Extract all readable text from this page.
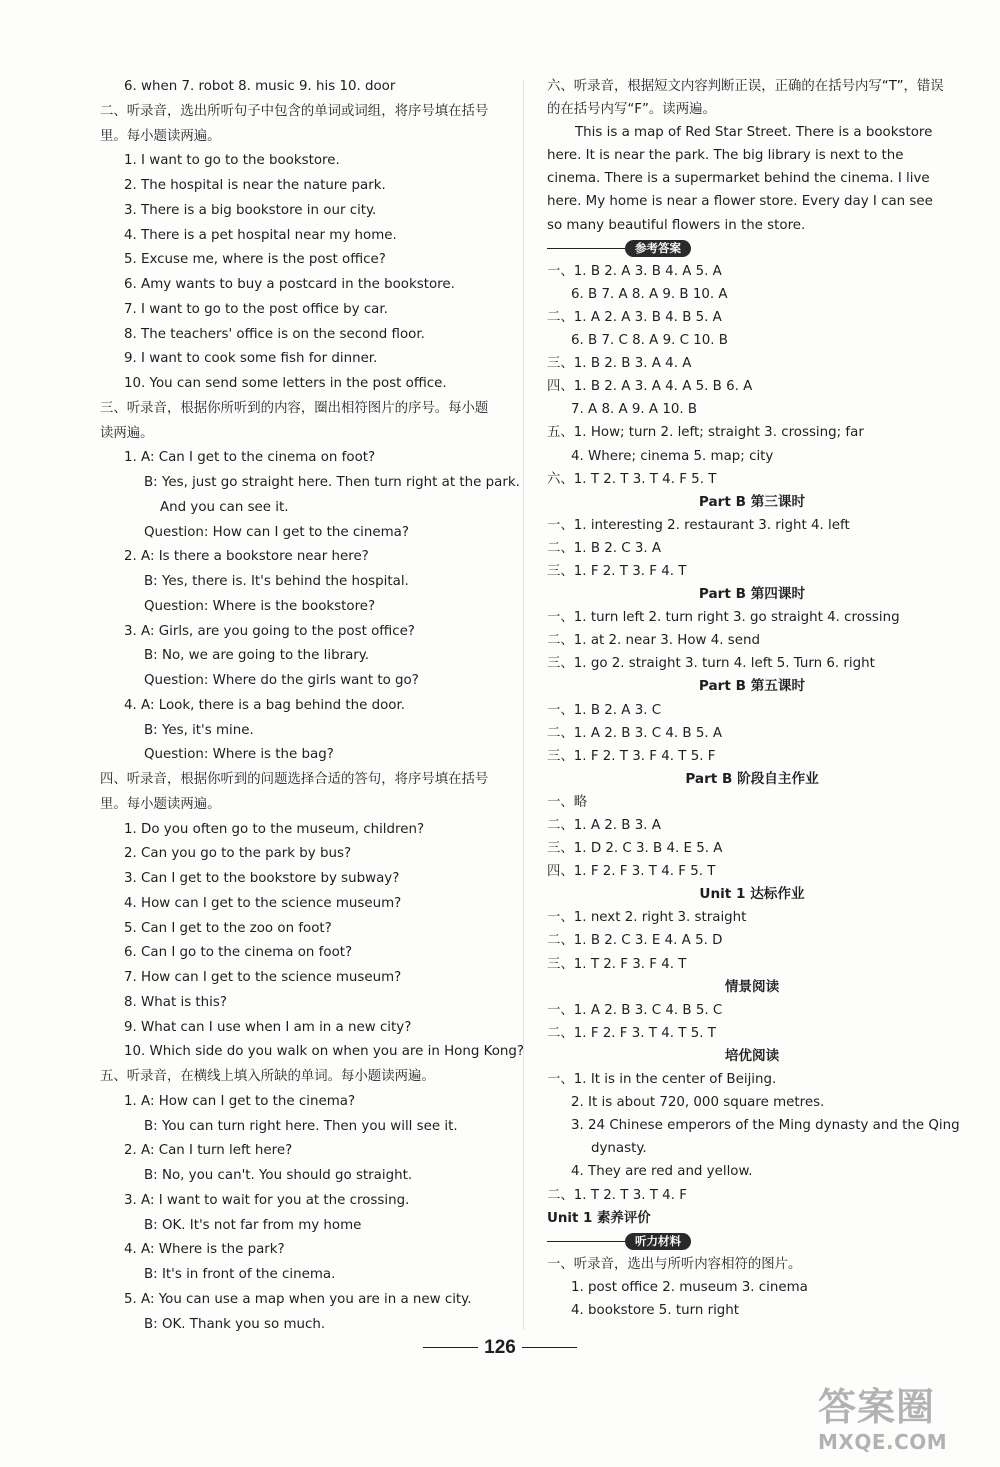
6. when 7. robot 8. music 9. his 10. door
二、听录音，选出所听句子中包含的单词或词组，将序号填在括号
里。每小题读两遍。
1. I want to go to the bookstore.
2. The hospital is near the nature park.
3. There is a big bookstore in our city.
4. There is a pet hospital near my home.
5. Excuse me, where is the post office?
6. Amy wants to buy a postcard in the bookstore.
7. I want to go to the post office by car.
8. The teachers' office is on the second floor.
9. I want to cook some fish for dinner.
10. You can send some letters in the post office.
三、听录音，根据你所听到的内容，圈出相符图片的序号。每小题
读两遍。
1. A: Can I get to the cinema on foot?
B: Yes, just go straight here. Then turn right at the park.
And you can see it.
Question: How can I get to the cinema?
2. A: Is there a bookstore near here?
B: Yes, there is. It's behind the hospital.
Question: Where is the bookstore?
3. A: Girls, are you going to the post office?
B: No, we are going to the library.
Question: Where do the girls want to go?
4. A: Look, there is a bag behind the door.
B: Yes, it's mine.
Question: Where is the bag?
四、听录音，根据你听到的问题选择合适的答句，将序号填在括号
里。每小题读两遍。
1. Do you often go to the museum, children?
2. Can you go to the park by bus?
3. Can I get to the bookstore by subway?
4. How can I get to the science museum?
5. Can I get to the zoo on foot?
6. Can I go to the cinema on foot?
7. How can I get to the science museum?
8. What is this?
9. What can I use when I am in a new city?
10. Which side do you walk on when you are in Hong Kong?
五、听录音，在横线上填入所缺的单词。每小题读两遍。
1. A: How can I get to the cinema?
B: You can turn right here. Then you will see it.
2. A: Can I turn left here?
B: No, you can't. You should go straight.
3. A: I want to wait for you at the crossing.
B: OK. It's not far from my home
4. A: Where is the park?
B: It's in front of the cinema.
5. A: You can use a map when you are in a new city.
B: OK. Thank you so much.
六、听录音，根据短文内容判断正误，正确的在括号内写“T”，错误
的在括号内写“F”。读两遍。
This is a map of Red Star Street. There is a bookstore
here. It is near the park. The big library is next to the
cinema. There is a supermarket behind the cinema. I live
here. My home is near a flower store. Every day I can see
so many beautiful flowers in the store.
参考答案
一、1. B 2. A 3. B 4. A 5. A
6. B 7. A 8. A 9. B 10. A
二、1. A 2. A 3. B 4. B 5. A
6. B 7. C 8. A 9. C 10. B
三、1. B 2. B 3. A 4. A
四、1. B 2. A 3. A 4. A 5. B 6. A
7. A 8. A 9. A 10. B
五、1. How; turn 2. left; straight 3. crossing; far
4. Where; cinema 5. map; city
六、1. T 2. T 3. T 4. F 5. T
Part B 第三课时
一、1. interesting 2. restaurant 3. right 4. left
二、1. B 2. C 3. A
三、1. F 2. T 3. F 4. T
Part B 第四课时
一、1. turn left 2. turn right 3. go straight 4. crossing
二、1. at 2. near 3. How 4. send
三、1. go 2. straight 3. turn 4. left 5. Turn 6. right
Part B 第五课时
一、1. B 2. A 3. C
二、1. A 2. B 3. C 4. B 5. A
三、1. F 2. T 3. F 4. T 5. F
Part B 阶段自主作业
一、略
二、1. A 2. B 3. A
三、1. D 2. C 3. B 4. E 5. A
四、1. F 2. F 3. T 4. F 5. T
Unit 1 达标作业
一、1. next 2. right 3. straight
二、1. B 2. C 3. E 4. A 5. D
三、1. T 2. F 3. F 4. T
情景阅读
一、1. A 2. B 3. C 4. B 5. C
二、1. F 2. F 3. T 4. T 5. T
培优阅读
一、1. It is in the center of Beijing.
2. It is about 720, 000 square metres.
3. 24 Chinese emperors of the Ming dynasty and the Qing
dynasty.
4. They are red and yellow.
二、1. T 2. T 3. T 4. F
Unit 1 素养评价
听力材料
一、听录音，选出与所听内容相符的图片。
1. post office 2. museum 3. cinema
4. bookstore 5. turn right
126
答案圈
MXQE.COM
